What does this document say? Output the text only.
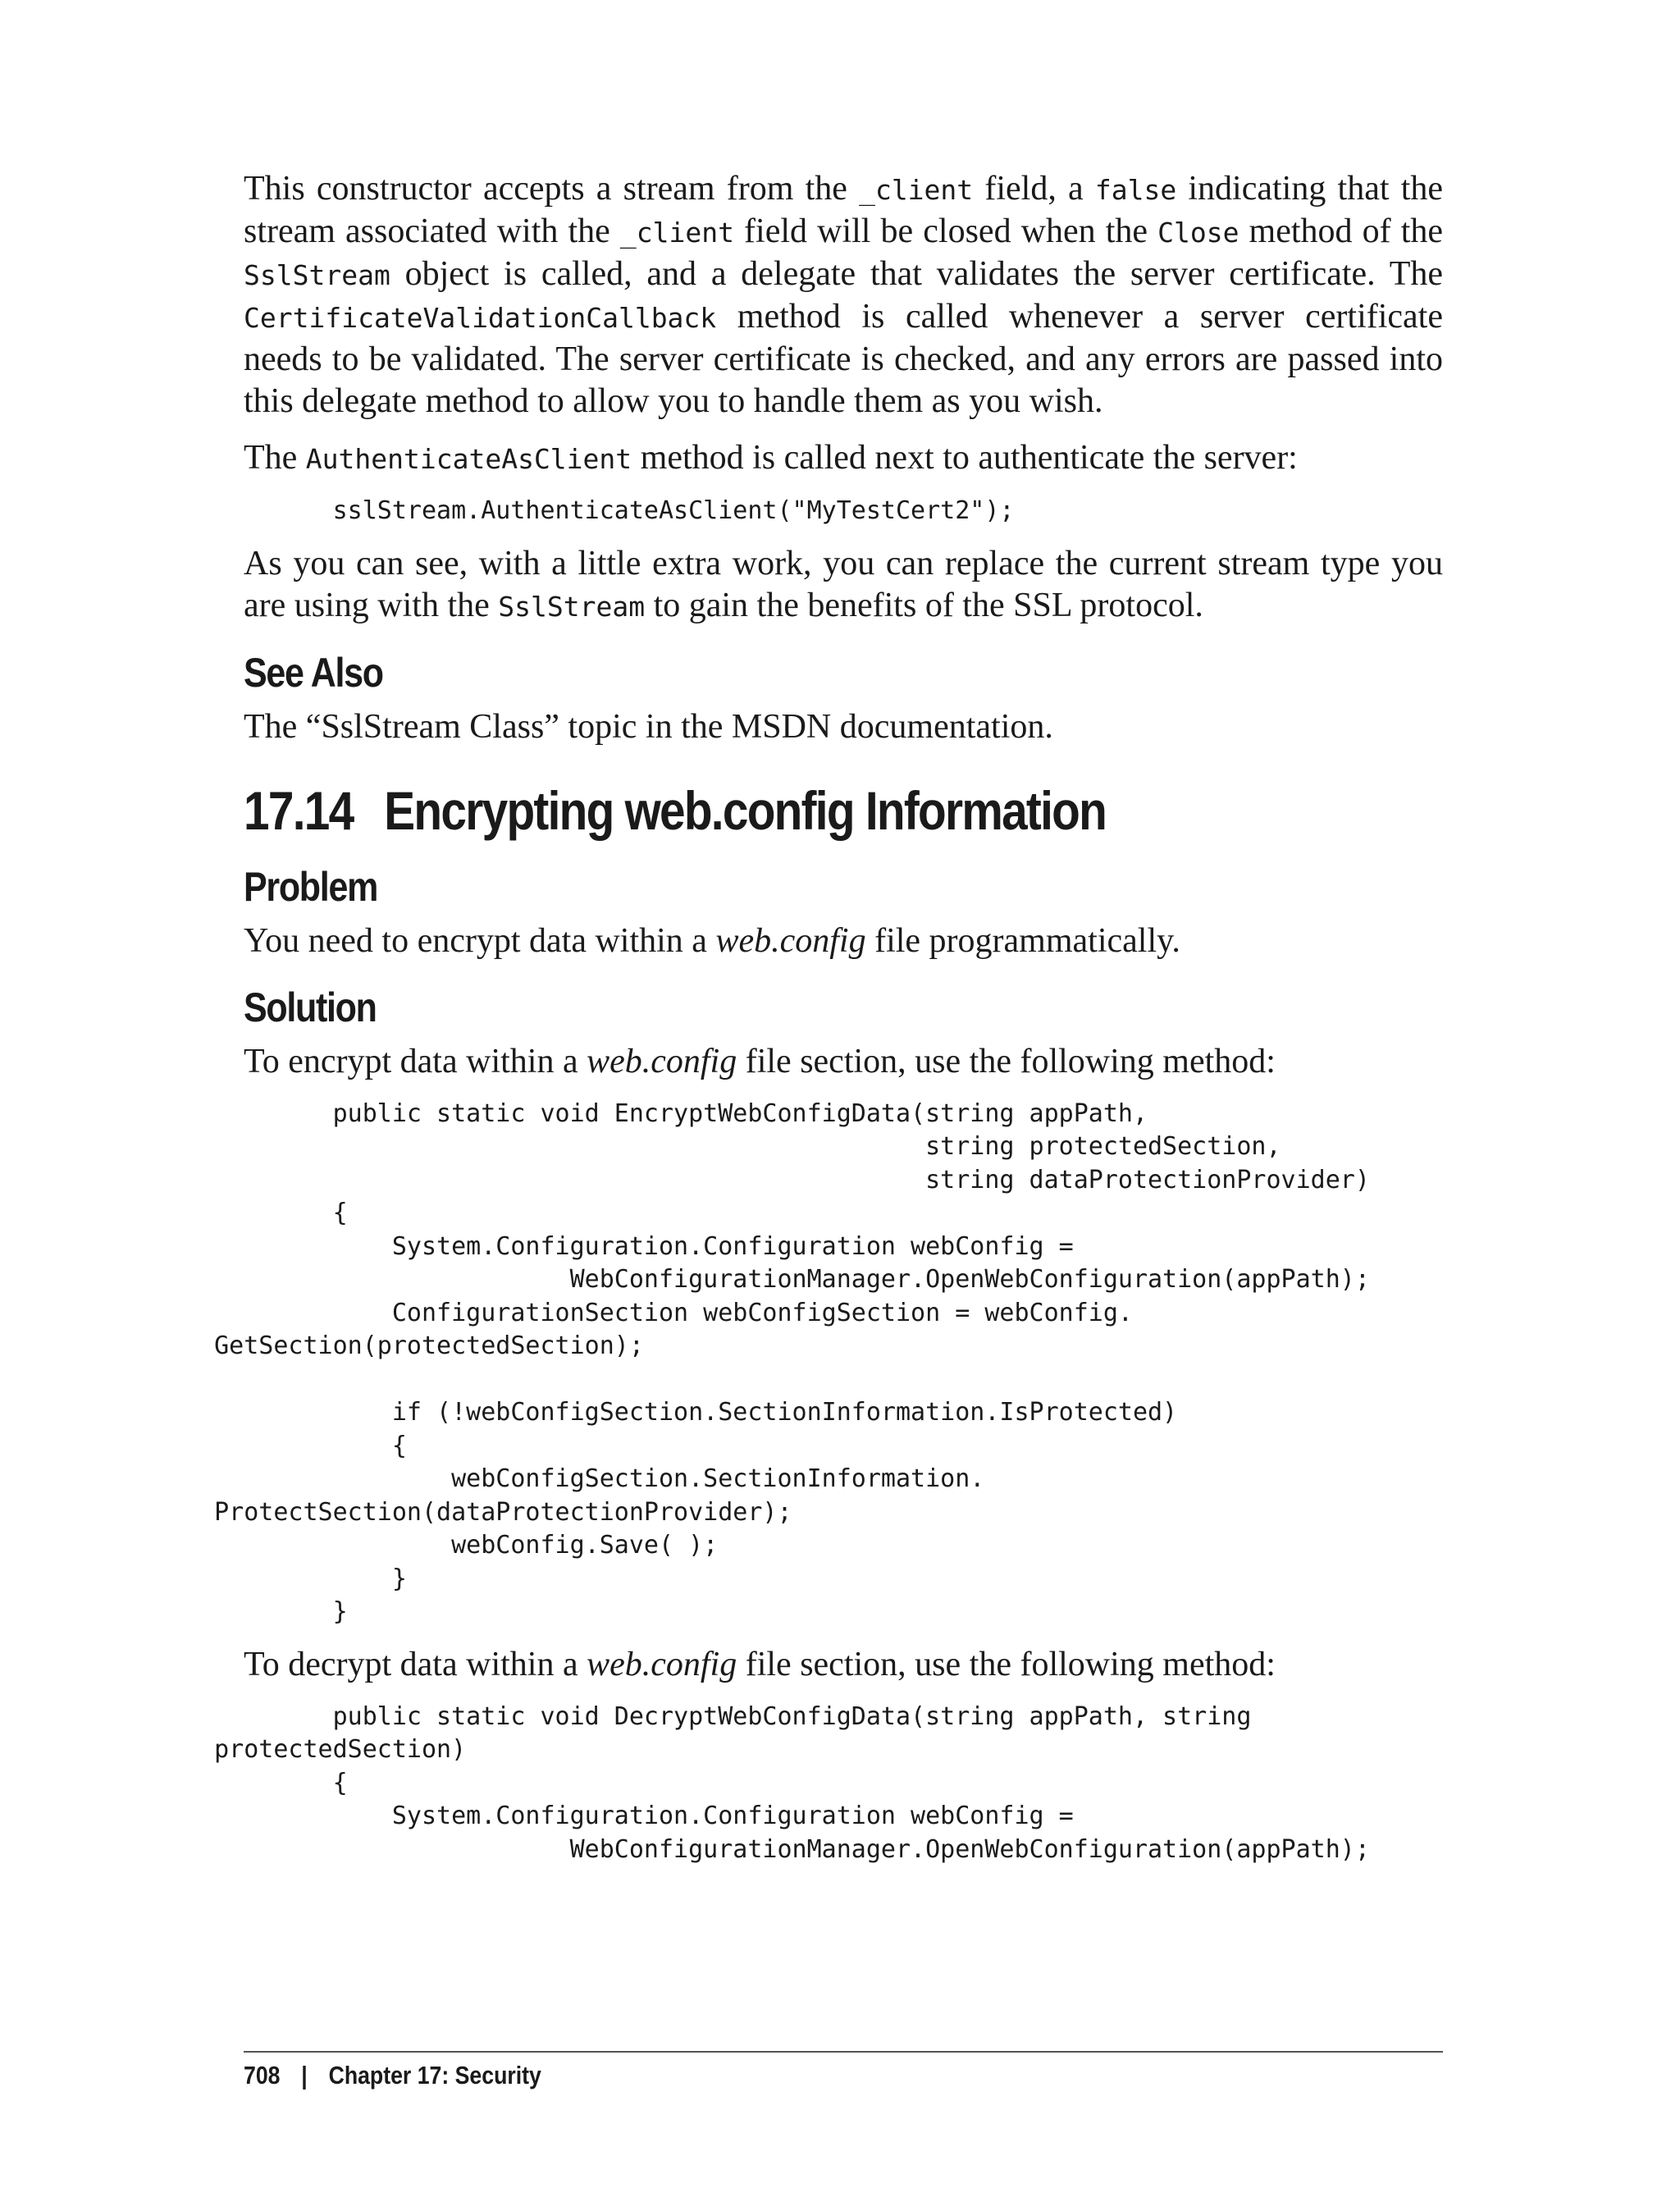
This constructor accepts a stream from the _client field, a false indicating that the stream associated with the _client field will be closed when the Close method of the SslStream object is called, and a delegate that validates the server certificate. The CertificateValidationCallback method is called whenever a server certificate needs to be validated. The server certificate is checked, and any errors are passed into this delegate method to allow you to handle them as you wish.

The AuthenticateAsClient method is called next to authenticate the server:

sslStream.AuthenticateAsClient("MyTestCert2");

As you can see, with a little extra work, you can replace the current stream type you are using with the SslStream to gain the benefits of the SSL protocol.

See Also

The “SslStream Class” topic in the MSDN documentation.

17.14 Encrypting web.config Information
Problem

You need to encrypt data within a web.config file programmatically.

Solution

To encrypt data within a web.config file section, use the following method:

public static void EncryptWebConfigData(string appPath,
string protectedSection,
string dataProtectionProvider)
{
System.Configuration.Configuration webConfig =
WebConfigurationManager.OpenWebConfiguration(appPath);
ConfigurationSection webConfigSection = webConfig.
GetSection(protectedSection);

if (!webConfigSection.SectionInformation.IsProtected)
{
webConfigSection.SectionInformation.
ProtectSection(dataProtectionProvider);
webConfig.Save( );
}
}

To decrypt data within a web.config file section, use the following method:

public static void DecryptWebConfigData(string appPath, string
protectedSection)
{
System.Configuration.Configuration webConfig =
WebConfigurationManager.OpenWebConfiguration(appPath);
708 | Chapter 17: Security
